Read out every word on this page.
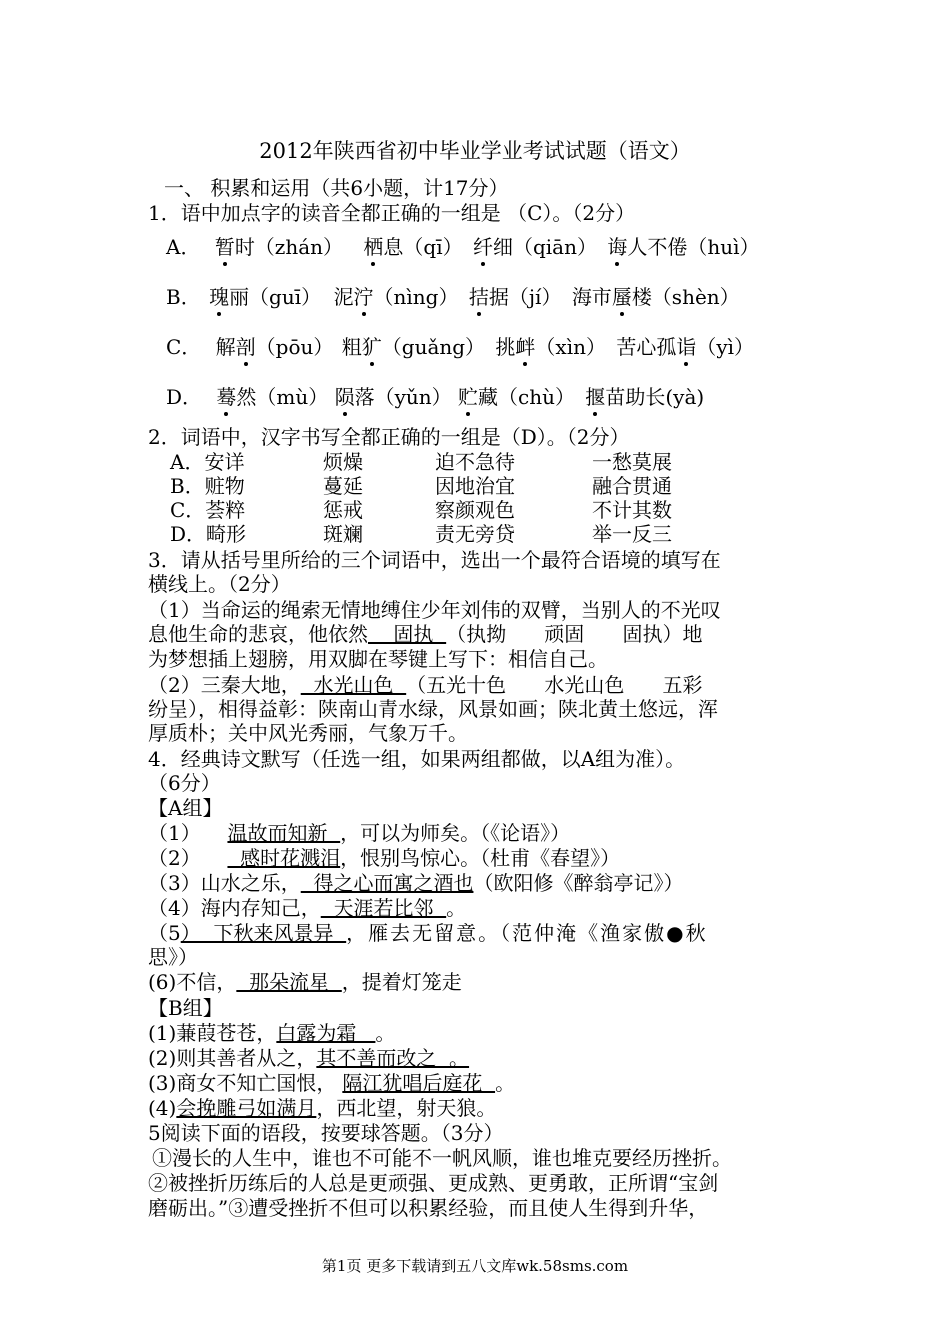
2012年陕西省初中毕业学业考试试题（语文）
一、 积累和运用（共6小题，计17分）
1．语中加点字的读音全都正确的一组是 （C）。（2分）
A． 暂时（zhán） 栖息（qī） 纤细（qiān） 诲人不倦（huì）
B． 瑰丽（guī） 泥泞（nìng） 拮据（jí） 海市蜃楼（shèn）
C． 解剖（pōu） 粗犷（guǎng） 挑衅（xìn） 苦心孤诣（yì）
D． 蓦然（mù） 陨落（yǔn） 贮藏（chù） 揠苗助长(yà)
2．词语中，汉字书写全都正确的一组是（D）。（2分）
A．安详	烦燥	迫不急待	一愁莫展
B．赃物	蔓延	因地治宜	融合贯通
C．荟粹	惩戒	察颜观色	不计其数
D．畸形	斑斓	责无旁贷	举一反三
3．请从括号里所给的三个词语中，选出一个最符合语境的填写在
横线上。（2分）
（1）当命运的绳索无情地缚住少年刘伟的双臂，当别人的不光叹
息他生命的悲哀，他依然    固执  （执拗      顽固      固执）地
为梦想插上翅膀，用双脚在琴键上写下：相信自己。
（2）三秦大地，  水光山色  （五光十色      水光山色      五彩
纷呈），相得益彰：陕南山青水绿，风景如画；陕北黄土悠远，浑
厚质朴；关中风光秀丽，气象万千。
4．经典诗文默写（任选一组，如果两组都做，以A组为准）。
（6分）
【A组】
（1）  温故而知新  ，可以为师矣。（《论语》）
（2）    感时花溅泪，恨别鸟惊心。（杜甫《春望》）
（3）山水之乐，  得之心而寓之酒也（欧阳修《醉翁亭记》）
（4）海内存知己，  天涯若比邻  。
（5）  下秋来风景异  ，雁去无留意。（范仲淹《渔家傲●秋
思》）
(6)不信，  那朵流星  ，提着灯笼走
【B组】
(1)蒹葭苍苍，白露为霜   。
(2)则其善者从之，其不善而改之  。
(3)商女不知亡国恨， 隔江犹唱后庭花  。
(4)会挽雕弓如满月，西北望，射天狼。
5阅读下面的语段，按要球答题。（3分）
①漫长的人生中，谁也不可能不一帆风顺，谁也堆克要经历挫折。
②被挫折历练后的人总是更顽强、更成熟、更勇敢，正所谓“宝剑
磨砺出。”③遭受挫折不但可以积累经验，而且使人生得到升华，
第1页 更多下载请到五八文库wk.58sms.com
